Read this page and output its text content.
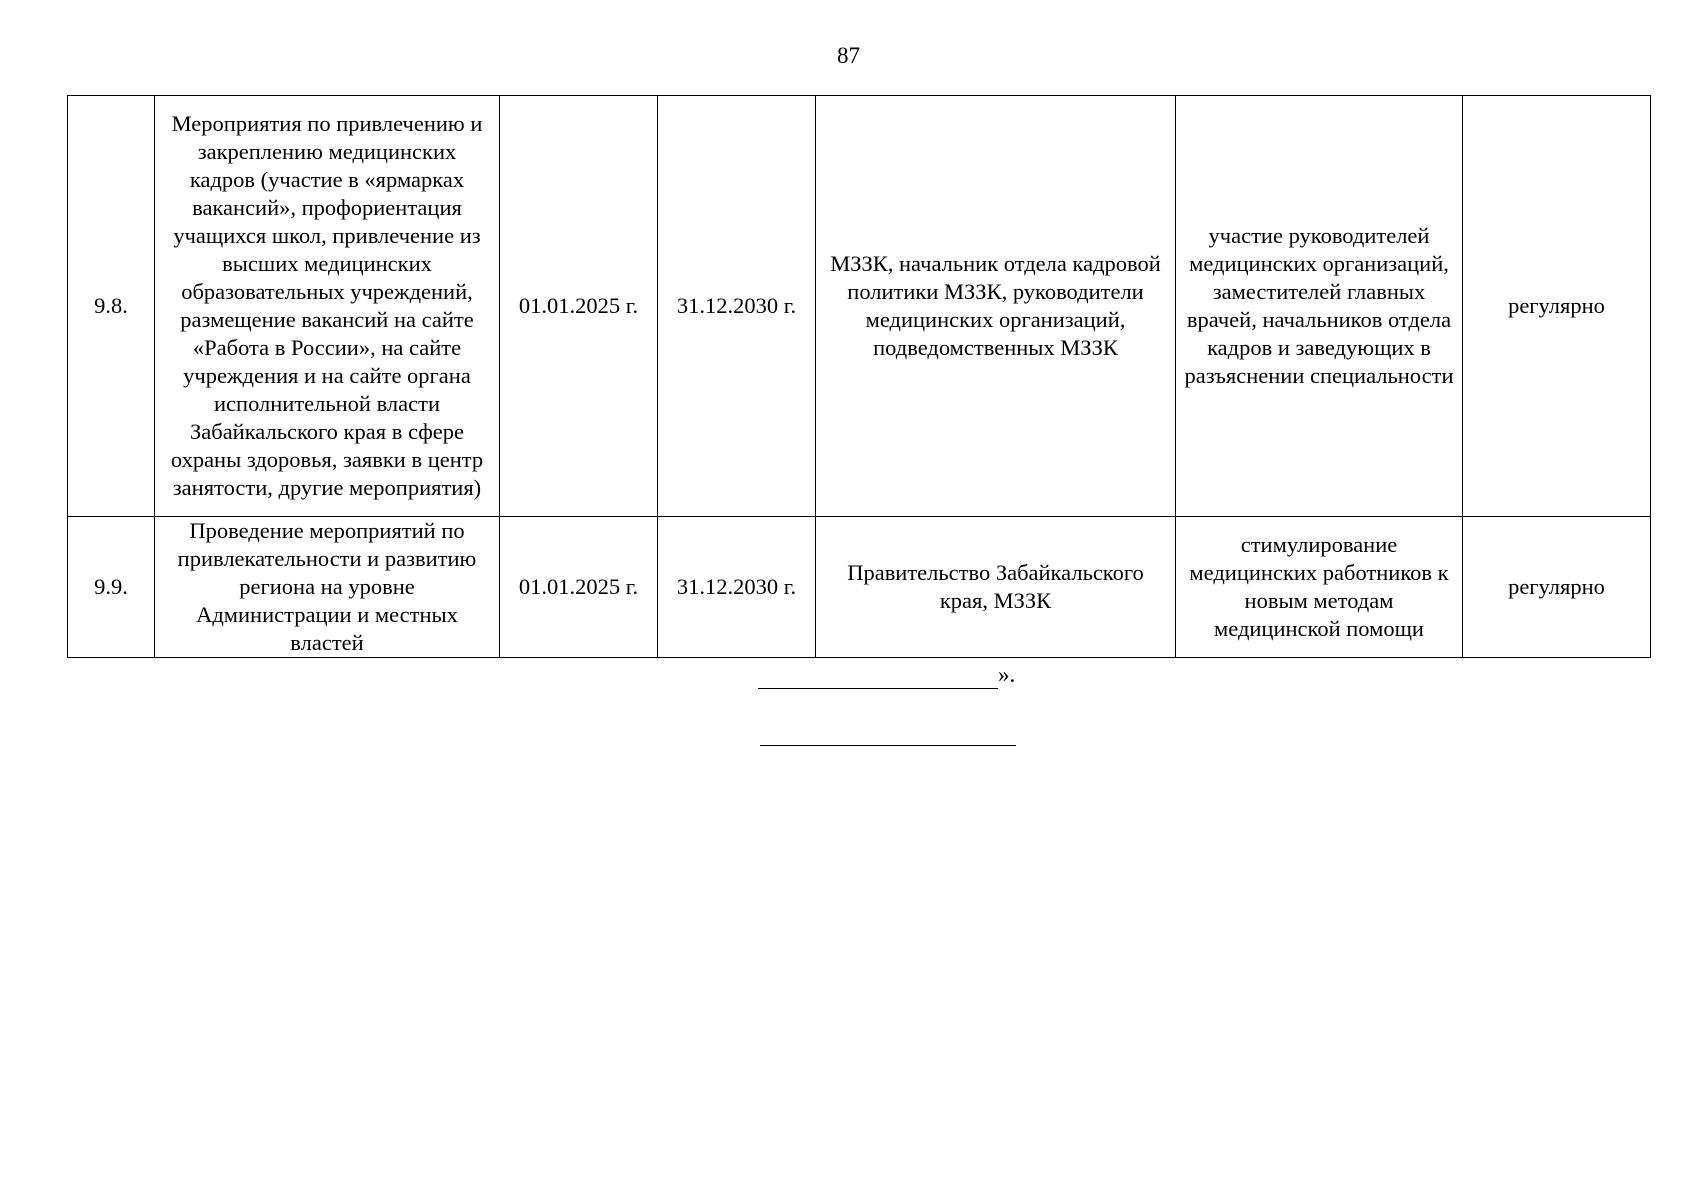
87
9.8.	Мероприятия по привлечению и закреплению медицинских кадров (участие в «ярмарках вакансий», профориентация учащихся школ, привлечение из высших медицинских образовательных учреждений, размещение вакансий на сайте «Работа в России», на сайте учреждения и на сайте органа исполнительной власти Забайкальского края в сфере охраны здоровья, заявки в центр занятости, другие мероприятия)	01.01.2025 г.	31.12.2030 г.	МЗЗК, начальник отдела кадровой политики МЗЗК, руководители медицинских организаций, подведомственных МЗЗК	участие руководителей медицинских организаций, заместителей главных врачей, начальников отдела кадров и заведующих в разъяснении специальности	регулярно
9.9.	Проведение мероприятий по привлекательности и развитию региона на уровне Администрации и местных властей	01.01.2025 г.	31.12.2030 г.	Правительство Забайкальского края, МЗЗК	стимулирование медицинских работников к новым методам медицинской помощи	регулярно
».
